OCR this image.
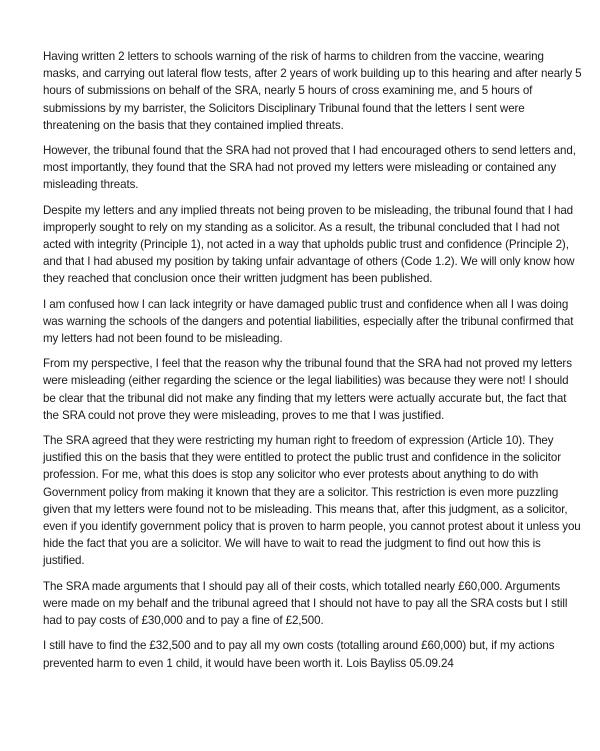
Having written 2 letters to schools warning of the risk of harms to children from the vaccine, wearing masks, and carrying out lateral flow tests, after 2 years of work building up to this hearing and after nearly 5 hours of submissions on behalf of the SRA, nearly 5 hours of cross examining me, and 5 hours of submissions by my barrister, the Solicitors Disciplinary Tribunal found that the letters I sent were threatening on the basis that they contained implied threats.

However, the tribunal found that the SRA had not proved that I had encouraged others to send letters and, most importantly, they found that the SRA had not proved my letters were misleading or contained any misleading threats.

Despite my letters and any implied threats not being proven to be misleading, the tribunal found that I had improperly sought to rely on my standing as a solicitor. As a result, the tribunal concluded that I had not acted with integrity (Principle 1), not acted in a way that upholds public trust and confidence (Principle 2), and that I had abused my position by taking unfair advantage of others (Code 1.2). We will only know how they reached that conclusion once their written judgment has been published.

I am confused how I can lack integrity or have damaged public trust and confidence when all I was doing was warning the schools of the dangers and potential liabilities, especially after the tribunal confirmed that my letters had not been found to be misleading.

From my perspective, I feel that the reason why the tribunal found that the SRA had not proved my letters were misleading (either regarding the science or the legal liabilities) was because they were not! I should be clear that the tribunal did not make any finding that my letters were actually accurate but, the fact that the SRA could not prove they were misleading, proves to me that I was justified.

The SRA agreed that they were restricting my human right to freedom of expression (Article 10). They justified this on the basis that they were entitled to protect the public trust and confidence in the solicitor profession. For me, what this does is stop any solicitor who ever protests about anything to do with Government policy from making it known that they are a solicitor. This restriction is even more puzzling given that my letters were found not to be misleading. This means that, after this judgment, as a solicitor, even if you identify government policy that is proven to harm people, you cannot protest about it unless you hide the fact that you are a solicitor. We will have to wait to read the judgment to find out how this is justified.

The SRA made arguments that I should pay all of their costs, which totalled nearly £60,000. Arguments were made on my behalf and the tribunal agreed that I should not have to pay all the SRA costs but I still had to pay costs of £30,000 and to pay a fine of £2,500.

I still have to find the £32,500 and to pay all my own costs (totalling around £60,000) but, if my actions prevented harm to even 1 child, it would have been worth it. Lois Bayliss 05.09.24
